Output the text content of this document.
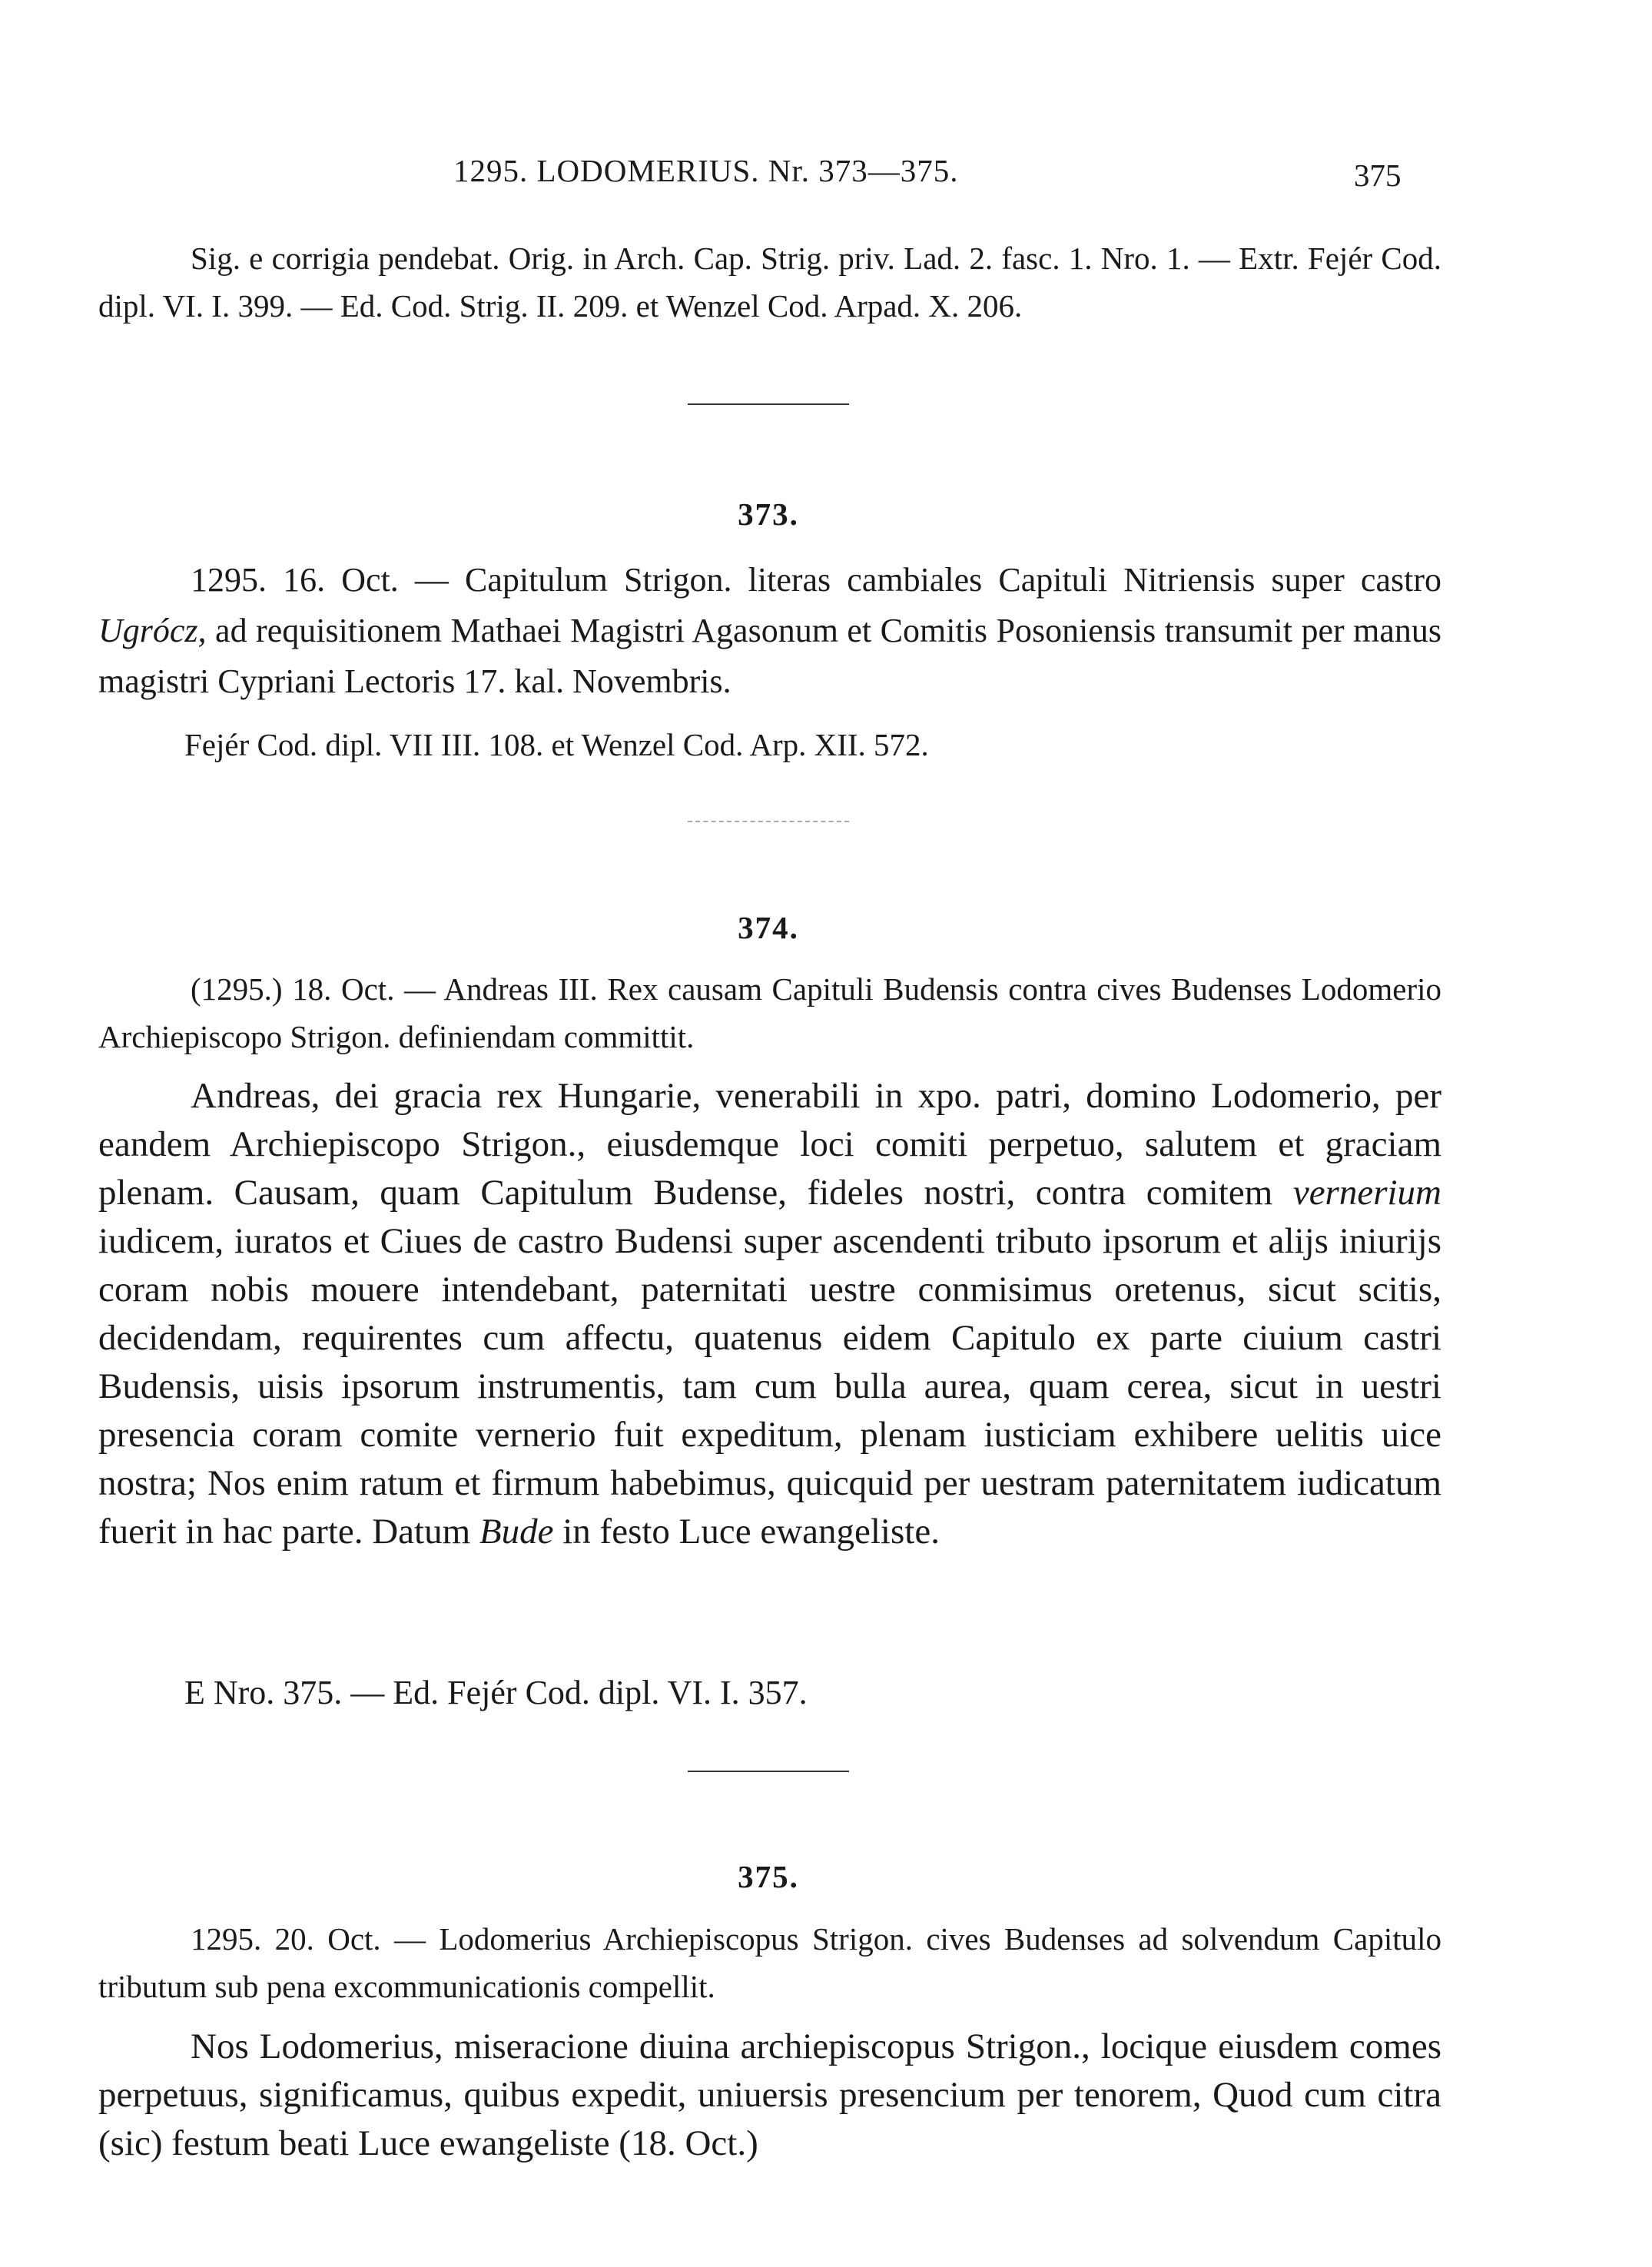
1295. LODOMERIUS. Nr. 373—375.	375
Sig. e corrigia pendebat. Orig. in Arch. Cap. Strig. priv. Lad. 2. fasc. 1. Nro. 1. — Extr. Fejér Cod. dipl. VI. I. 399. — Ed. Cod. Strig. II. 209. et Wenzel Cod. Arpad. X. 206.
373.
1295. 16. Oct. — Capitulum Strigon. literas cambiales Capituli Nitriensis super castro Ugrócz, ad requisitionem Mathaei Magistri Agasonum et Comitis Posoniensis transumit per manus magistri Cypriani Lectoris 17. kal. Novembris.
Fejér Cod. dipl. VII III. 108. et Wenzel Cod. Arp. XII. 572.
374.
(1295.) 18. Oct. — Andreas III. Rex causam Capituli Budensis contra cives Budenses Lodomerio Archiepiscopo Strigon. definiendam committit.
Andreas, dei gracia rex Hungarie, venerabili in xpo. patri, domino Lodomerio, per eandem Archiepiscopo Strigon., eiusdemque loci comiti perpetuo, salutem et graciam plenam. Causam, quam Capitulum Budense, fideles nostri, contra comitem vernerium iudicem, iuratos et Ciues de castro Budensi super ascendenti tributo ipsorum et alijs iniurijs coram nobis mouere intendebant, paternitati uestre conmisimus oretenus, sicut scitis, decidendam, requirentes cum affectu, quatenus eidem Capitulo ex parte ciuium castri Budensis, uisis ipsorum instrumentis, tam cum bulla aurea, quam cerea, sicut in uestri presencia coram comite vernerio fuit expeditum, plenam iusticiam exhibere uelitis uice nostra; Nos enim ratum et firmum habebimus, quicquid per uestram paternitatem iudicatum fuerit in hac parte. Datum Bude in festo Luce ewangeliste.
E Nro. 375. — Ed. Fejér Cod. dipl. VI. I. 357.
375.
1295. 20. Oct. — Lodomerius Archiepiscopus Strigon. cives Budenses ad solvendum Capitulo tributum sub pena excommunicationis compellit.
Nos Lodomerius, miseracione diuina archiepiscopus Strigon., locique eiusdem comes perpetuus, significamus, quibus expedit, uniuersis presencium per tenorem, Quod cum citra (sic) festum beati Luce ewangeliste (18. Oct.)
